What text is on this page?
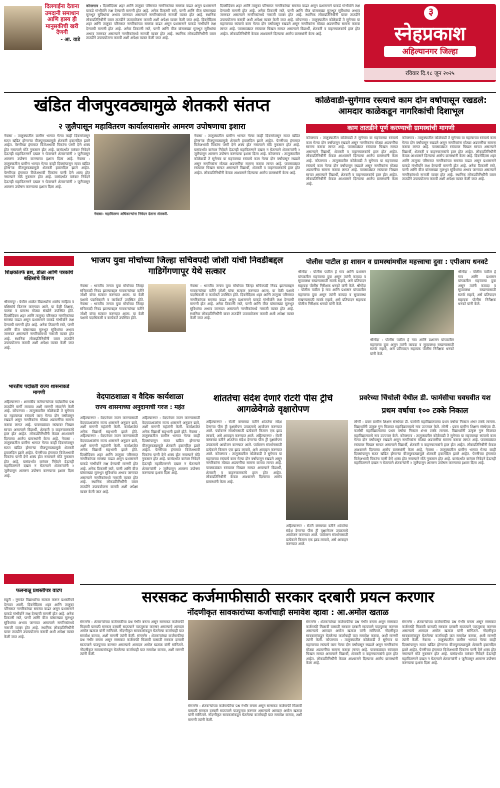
दिलगाईना देताना उमदानी समाधान आणि हास्य ही मानुसकीची खरी देणगी
- आ. वाडे
कोपरगाव : दिवसेंदिवस शहर आणि तालुका परिसरात नागरिकांच्या समस्या वाढत असून प्रशासनाने याकडे गांभीर्याने लक्ष देण्याची मागणी होत आहे. अनेक ठिकाणी रस्ते, पाणी आणि वीज यांसारख्या मूलभूत सुविधांचा अभाव जाणवत असल्याने नागरिकांमध्ये नाराजी व्यक्त होत आहे. स्थानिक लोकप्रतिनिधींनी यावर तातडीने उपाययोजना करावी अशी अपेक्षा व्यक्त केली जात आहे. दिवसेंदिवस शहर आणि तालुका परिसरात नागरिकांच्या समस्या वाढत असून प्रशासनाने याकडे गांभीर्याने लक्ष देण्याची मागणी होत आहे. अनेक ठिकाणी रस्ते, पाणी आणि वीज यांसारख्या मूलभूत सुविधांचा अभाव जाणवत असल्याने नागरिकांमध्ये नाराजी व्यक्त होत आहे. स्थानिक लोकप्रतिनिधींनी यावर तातडीने उपाययोजना करावी अशी अपेक्षा व्यक्त केली जात आहे.
दिवसेंदिवस शहर आणि तालुका परिसरात नागरिकांच्या समस्या वाढत असून प्रशासनाने याकडे गांभीर्याने लक्ष देण्याची मागणी होत आहे. अनेक ठिकाणी रस्ते, पाणी आणि वीज यांसारख्या मूलभूत सुविधांचा अभाव जाणवत असल्याने नागरिकांमध्ये नाराजी व्यक्त होत आहे. स्थानिक लोकप्रतिनिधींनी यावर तातडीने उपाययोजना करावी अशी अपेक्षा व्यक्त केली जात आहे. कोपरगाव : तालुक्यातील कोळेवाडी ते सुगेगाव या महत्त्वाच्या रस्त्याचे काम गेल्या दोन वर्षांपासून रखडले असून नागरिकांना मोठ्या अडचणींचा सामना करावा लागत आहे. पावसाळ्यात रस्त्यावर चिखल साचत असल्याने विद्यार्थी, शेतकरी व वाहनचालकांचे हाल होत आहेत. लोकप्रतिनिधींनी केवळ आश्वासने दिल्याचा आरोप ग्रामस्थांनी केला आहे.
३
स्नेहप्रकाश
अहिल्यानगर जिल्हा
रविवार दि.१८ जून २०२५
खंडित वीजपुरवठ्यामुळे शेतकरी संतप्त
२ जुलैपासून महावितरण कार्यालयासमोर आमरण उपोषणाचा इशारा
नेवासा : तालुक्यातील ग्रामीण भागात गेल्या काही दिवसांपासून सतत खंडित होणाऱ्या वीजपुरवठ्यामुळे शेतकरी हवालदिल झाले आहेत. पेरणीच्या हंगामात विजेअभावी पिकांना पाणी देणे शक्य होत नसल्याने मोठे नुकसान होत आहे. यासंदर्भात वारंवार निवेदने देऊनही महावितरणने दखल न घेतल्याने शेतकऱ्यांनी २ जुलैपासून आमरण उपोषण करण्याचा इशारा दिला आहे. नेवासा : तालुक्यातील ग्रामीण भागात गेल्या काही दिवसांपासून सतत खंडित होणाऱ्या वीजपुरवठ्यामुळे शेतकरी हवालदिल झाले आहेत. पेरणीच्या हंगामात विजेअभावी पिकांना पाणी देणे शक्य होत नसल्याने मोठे नुकसान होत आहे. यासंदर्भात वारंवार निवेदने देऊनही महावितरणने दखल न घेतल्याने शेतकऱ्यांनी २ जुलैपासून आमरण उपोषण करण्याचा इशारा दिला आहे.
नेवासा: महावितरण अधिकाऱ्यांना निवेदन देताना शेतकरी.
नेवासा : तालुक्यातील ग्रामीण भागात गेल्या काही दिवसांपासून सतत खंडित होणाऱ्या वीजपुरवठ्यामुळे शेतकरी हवालदिल झाले आहेत. पेरणीच्या हंगामात विजेअभावी पिकांना पाणी देणे शक्य होत नसल्याने मोठे नुकसान होत आहे. यासंदर्भात वारंवार निवेदने देऊनही महावितरणने दखल न घेतल्याने शेतकऱ्यांनी २ जुलैपासून आमरण उपोषण करण्याचा इशारा दिला आहे. कोपरगाव : तालुक्यातील कोळेवाडी ते सुगेगाव या महत्त्वाच्या रस्त्याचे काम गेल्या दोन वर्षांपासून रखडले असून नागरिकांना मोठ्या अडचणींचा सामना करावा लागत आहे. पावसाळ्यात रस्त्यावर चिखल साचत असल्याने विद्यार्थी, शेतकरी व वाहनचालकांचे हाल होत आहेत. लोकप्रतिनिधींनी केवळ आश्वासने दिल्याचा आरोप ग्रामस्थांनी केला आहे.
कोळेवाडी-सुगेगाव रस्त्याचे काम दोन वर्षापासून रखडले: आमदार काळेकडून नागरिकांची दिशाभूल
काम तातडीने पूर्ण करण्याची ग्रामस्थांची मागणी
कोपरगाव : तालुक्यातील कोळेवाडी ते सुगेगाव या महत्त्वाच्या रस्त्याचे काम गेल्या दोन वर्षांपासून रखडले असून नागरिकांना मोठ्या अडचणींचा सामना करावा लागत आहे. पावसाळ्यात रस्त्यावर चिखल साचत असल्याने विद्यार्थी, शेतकरी व वाहनचालकांचे हाल होत आहेत. लोकप्रतिनिधींनी केवळ आश्वासने दिल्याचा आरोप ग्रामस्थांनी केला आहे. कोपरगाव : तालुक्यातील कोळेवाडी ते सुगेगाव या महत्त्वाच्या रस्त्याचे काम गेल्या दोन वर्षांपासून रखडले असून नागरिकांना मोठ्या अडचणींचा सामना करावा लागत आहे. पावसाळ्यात रस्त्यावर चिखल साचत असल्याने विद्यार्थी, शेतकरी व वाहनचालकांचे हाल होत आहेत. लोकप्रतिनिधींनी केवळ आश्वासने दिल्याचा आरोप ग्रामस्थांनी केला आहे.
कोपरगाव : तालुक्यातील कोळेवाडी ते सुगेगाव या महत्त्वाच्या रस्त्याचे काम गेल्या दोन वर्षांपासून रखडले असून नागरिकांना मोठ्या अडचणींचा सामना करावा लागत आहे. पावसाळ्यात रस्त्यावर चिखल साचत असल्याने विद्यार्थी, शेतकरी व वाहनचालकांचे हाल होत आहेत. लोकप्रतिनिधींनी केवळ आश्वासने दिल्याचा आरोप ग्रामस्थांनी केला आहे. दिवसेंदिवस शहर आणि तालुका परिसरात नागरिकांच्या समस्या वाढत असून प्रशासनाने याकडे गांभीर्याने लक्ष देण्याची मागणी होत आहे. अनेक ठिकाणी रस्ते, पाणी आणि वीज यांसारख्या मूलभूत सुविधांचा अभाव जाणवत असल्याने नागरिकांमध्ये नाराजी व्यक्त होत आहे. स्थानिक लोकप्रतिनिधींनी यावर तातडीने उपाययोजना करावी अशी अपेक्षा व्यक्त केली जात आहे.
शिक्षकांतर्फे ब्रश, डोळा आणि पत्रकांचे बक्षिसांचे वितरण
श्रीरामपूर : येथील शाळेत विद्यार्थ्यांना शालेय साहित्य व बक्षिसांचे वितरण करण्यात आले. या वेळी शिक्षक, पालक व ग्रामस्थ मोठ्या संख्येने उपस्थित होते. दिवसेंदिवस शहर आणि तालुका परिसरात नागरिकांच्या समस्या वाढत असून प्रशासनाने याकडे गांभीर्याने लक्ष देण्याची मागणी होत आहे. अनेक ठिकाणी रस्ते, पाणी आणि वीज यांसारख्या मूलभूत सुविधांचा अभाव जाणवत असल्याने नागरिकांमध्ये नाराजी व्यक्त होत आहे. स्थानिक लोकप्रतिनिधींनी यावर तातडीने उपाययोजना करावी अशी अपेक्षा व्यक्त केली जात आहे.
भारतीय पदोन्नती राज्य शासनाकडे मागणी
अहिल्यानगर : शासकीय कर्मचाऱ्यांच्या पदोन्नतीचा प्रश्न तातडीने मार्गी लावावा अशी मागणी संघटनेने केली आहे. कोपरगाव : तालुक्यातील कोळेवाडी ते सुगेगाव या महत्त्वाच्या रस्त्याचे काम गेल्या दोन वर्षांपासून रखडले असून नागरिकांना मोठ्या अडचणींचा सामना करावा लागत आहे. पावसाळ्यात रस्त्यावर चिखल साचत असल्याने विद्यार्थी, शेतकरी व वाहनचालकांचे हाल होत आहेत. लोकप्रतिनिधींनी केवळ आश्वासने दिल्याचा आरोप ग्रामस्थांनी केला आहे. नेवासा : तालुक्यातील ग्रामीण भागात गेल्या काही दिवसांपासून सतत खंडित होणाऱ्या वीजपुरवठ्यामुळे शेतकरी हवालदिल झाले आहेत. पेरणीच्या हंगामात विजेअभावी पिकांना पाणी देणे शक्य होत नसल्याने मोठे नुकसान होत आहे. यासंदर्भात वारंवार निवेदने देऊनही महावितरणने दखल न घेतल्याने शेतकऱ्यांनी २ जुलैपासून आमरण उपोषण करण्याचा इशारा दिला आहे.
फलनाळू प्रशस्तीपत्र वाटप
राहुरी : गुणवंत विद्यार्थ्यांचा सत्कार करून प्रशस्तीपत्रे देण्यात आली. दिवसेंदिवस शहर आणि तालुका परिसरात नागरिकांच्या समस्या वाढत असून प्रशासनाने याकडे गांभीर्याने लक्ष देण्याची मागणी होत आहे. अनेक ठिकाणी रस्ते, पाणी आणि वीज यांसारख्या मूलभूत सुविधांचा अभाव जाणवत असल्याने नागरिकांमध्ये नाराजी व्यक्त होत आहे. स्थानिक लोकप्रतिनिधींनी यावर तातडीने उपाययोजना करावी अशी अपेक्षा व्यक्त केली जात आहे.
भाजप युवा मोर्चाच्या जिल्हा सचिवपदी जोशी यांची निवडीबद्दल गाडिगेंगणापूर येथे सत्कार
नेवासा : भारतीय जनता युवा मोर्चाच्या जिल्हा सचिवपदी निवड झाल्याबद्दल गावकऱ्यांच्या वतीने जोशी यांचा सत्कार करण्यात आला. या वेळी पक्षाचे पदाधिकारी व कार्यकर्ते उपस्थित होते. नेवासा : भारतीय जनता युवा मोर्चाच्या जिल्हा सचिवपदी निवड झाल्याबद्दल गावकऱ्यांच्या वतीने जोशी यांचा सत्कार करण्यात आला. या वेळी पक्षाचे पदाधिकारी व कार्यकर्ते उपस्थित होते.
नेवासा : भारतीय जनता युवा मोर्चाच्या जिल्हा सचिवपदी निवड झाल्याबद्दल गावकऱ्यांच्या वतीने जोशी यांचा सत्कार करण्यात आला. या वेळी पक्षाचे पदाधिकारी व कार्यकर्ते उपस्थित होते. दिवसेंदिवस शहर आणि तालुका परिसरात नागरिकांच्या समस्या वाढत असून प्रशासनाने याकडे गांभीर्याने लक्ष देण्याची मागणी होत आहे. अनेक ठिकाणी रस्ते, पाणी आणि वीज यांसारख्या मूलभूत सुविधांचा अभाव जाणवत असल्याने नागरिकांमध्ये नाराजी व्यक्त होत आहे. स्थानिक लोकप्रतिनिधींनी यावर तातडीने उपाययोजना करावी अशी अपेक्षा व्यक्त केली जात आहे.
पोलीस पाटील हा शासन व ग्रामस्थांमधील महत्त्वाचा दुवा : एपीआय धनवटे
श्रीगोंदा : पोलीस पाटील हे गाव आणि प्रशासन यांच्यातील महत्त्वाचा दुवा असून त्यांनी कायदा व सुव्यवस्था राखण्यासाठी सतर्क राहावे, असे प्रतिपादन सहायक पोलीस निरीक्षक धनवटे यांनी केले. श्रीगोंदा : पोलीस पाटील हे गाव आणि प्रशासन यांच्यातील महत्त्वाचा दुवा असून त्यांनी कायदा व सुव्यवस्था राखण्यासाठी सतर्क राहावे, असे प्रतिपादन सहायक पोलीस निरीक्षक धनवटे यांनी केले.
श्रीगोंदा : पोलीस पाटील हे गाव आणि प्रशासन यांच्यातील महत्त्वाचा दुवा असून त्यांनी कायदा व सुव्यवस्था राखण्यासाठी सतर्क राहावे, असे प्रतिपादन सहायक पोलीस निरीक्षक धनवटे यांनी केले.
श्रीगोंदा : पोलीस पाटील हे गाव आणि प्रशासन यांच्यातील महत्त्वाचा दुवा असून त्यांनी कायदा व सुव्यवस्था राखण्यासाठी सतर्क राहावे, असे प्रतिपादन सहायक पोलीस निरीक्षक धनवटे यांनी केले.
वेदपाठशाळा व वैदिक कार्यशाळा
राज्य शासनाच्या अनुदानाची गरज : महंत
अहिल्यानगर : वेदपरंपरा जतन करण्यासाठी वेदपाठशाळांना राज्य शासनाने अनुदान द्यावे, अशी मागणी महंतांनी केली. कार्यशाळेत अनेक विद्यार्थी सहभागी झाले होते. अहिल्यानगर : वेदपरंपरा जतन करण्यासाठी वेदपाठशाळांना राज्य शासनाने अनुदान द्यावे, अशी मागणी महंतांनी केली. कार्यशाळेत अनेक विद्यार्थी सहभागी झाले होते. दिवसेंदिवस शहर आणि तालुका परिसरात नागरिकांच्या समस्या वाढत असून प्रशासनाने याकडे गांभीर्याने लक्ष देण्याची मागणी होत आहे. अनेक ठिकाणी रस्ते, पाणी आणि वीज यांसारख्या मूलभूत सुविधांचा अभाव जाणवत असल्याने नागरिकांमध्ये नाराजी व्यक्त होत आहे. स्थानिक लोकप्रतिनिधींनी यावर तातडीने उपाययोजना करावी अशी अपेक्षा व्यक्त केली जात आहे.
अहिल्यानगर : वेदपरंपरा जतन करण्यासाठी वेदपाठशाळांना राज्य शासनाने अनुदान द्यावे, अशी मागणी महंतांनी केली. कार्यशाळेत अनेक विद्यार्थी सहभागी झाले होते. नेवासा : तालुक्यातील ग्रामीण भागात गेल्या काही दिवसांपासून सतत खंडित होणाऱ्या वीजपुरवठ्यामुळे शेतकरी हवालदिल झाले आहेत. पेरणीच्या हंगामात विजेअभावी पिकांना पाणी देणे शक्य होत नसल्याने मोठे नुकसान होत आहे. यासंदर्भात वारंवार निवेदने देऊनही महावितरणने दखल न घेतल्याने शेतकऱ्यांनी २ जुलैपासून आमरण उपोषण करण्याचा इशारा दिला आहे.
शांततेचा संदेश देणारे रोटरी पीस ट्रीचे आगळेवेगळे वृक्षारोपण
अहिल्यानगर : रोटरी क्लबच्या वतीने शांततेचा संदेश देणाऱ्या पीस ट्री वृक्षारोपण उपक्रमाचे आयोजन करण्यात आले. पर्यावरण संवर्धनासाठी प्रत्येकाने किमान एक झाड लावावे, असे आवाहन करण्यात आले. अहिल्यानगर : रोटरी क्लबच्या वतीने शांततेचा संदेश देणाऱ्या पीस ट्री वृक्षारोपण उपक्रमाचे आयोजन करण्यात आले. पर्यावरण संवर्धनासाठी प्रत्येकाने किमान एक झाड लावावे, असे आवाहन करण्यात आले. कोपरगाव : तालुक्यातील कोळेवाडी ते सुगेगाव या महत्त्वाच्या रस्त्याचे काम गेल्या दोन वर्षांपासून रखडले असून नागरिकांना मोठ्या अडचणींचा सामना करावा लागत आहे. पावसाळ्यात रस्त्यावर चिखल साचत असल्याने विद्यार्थी, शेतकरी व वाहनचालकांचे हाल होत आहेत. लोकप्रतिनिधींनी केवळ आश्वासने दिल्याचा आरोप ग्रामस्थांनी केला आहे.
अहिल्यानगर : रोटरी क्लबच्या वतीने शांततेचा संदेश देणाऱ्या पीस ट्री वृक्षारोपण उपक्रमाचे आयोजन करण्यात आले. पर्यावरण संवर्धनासाठी प्रत्येकाने किमान एक झाड लावावे, असे आवाहन करण्यात आले.
प्रवरेच्या चिंचोली येथील डी. फार्मसीचा घवघवीत यश
प्रथम वर्षाचा १०० टक्के निकाल
लोणी : प्रवरा ग्रामीण शिक्षण संस्थेच्या डी. फार्मसी महाविद्यालयाचा प्रथम वर्षाचा निकाल शंभर टक्के लागला. विद्यार्थ्यांनी उत्कृष्ट गुण मिळवत महाविद्यालयाचे नाव उज्ज्वल केले. लोणी : प्रवरा ग्रामीण शिक्षण संस्थेच्या डी. फार्मसी महाविद्यालयाचा प्रथम वर्षाचा निकाल शंभर टक्के लागला. विद्यार्थ्यांनी उत्कृष्ट गुण मिळवत महाविद्यालयाचे नाव उज्ज्वल केले. कोपरगाव : तालुक्यातील कोळेवाडी ते सुगेगाव या महत्त्वाच्या रस्त्याचे काम गेल्या दोन वर्षांपासून रखडले असून नागरिकांना मोठ्या अडचणींचा सामना करावा लागत आहे. पावसाळ्यात रस्त्यावर चिखल साचत असल्याने विद्यार्थी, शेतकरी व वाहनचालकांचे हाल होत आहेत. लोकप्रतिनिधींनी केवळ आश्वासने दिल्याचा आरोप ग्रामस्थांनी केला आहे. नेवासा : तालुक्यातील ग्रामीण भागात गेल्या काही दिवसांपासून सतत खंडित होणाऱ्या वीजपुरवठ्यामुळे शेतकरी हवालदिल झाले आहेत. पेरणीच्या हंगामात विजेअभावी पिकांना पाणी देणे शक्य होत नसल्याने मोठे नुकसान होत आहे. यासंदर्भात वारंवार निवेदने देऊनही महावितरणने दखल न घेतल्याने शेतकऱ्यांनी २ जुलैपासून आमरण उपोषण करण्याचा इशारा दिला आहे.
सरसकट कर्जमाफीसाठी सरकार दरबारी प्रयत्न करणार
नोंदणीकृत सावकारांच्या कर्जाचाही समावेश व्हावा : आ.अमोल खताळ
संगमनेर : शेतकऱ्यांच्या कर्जमाफीचा प्रश्न गंभीर बनला असून सरसकट कर्जमाफी मिळावी यासाठी सरकार दरबारी सातत्याने पाठपुरावा करणार असल्याचे आमदार अमोल खताळ यांनी सांगितले. नोंदणीकृत सावकारांकडून घेतलेल्या कर्जाचाही यात समावेश करावा, अशी मागणी त्यांनी केली. संगमनेर : शेतकऱ्यांच्या कर्जमाफीचा प्रश्न गंभीर बनला असून सरसकट कर्जमाफी मिळावी यासाठी सरकार दरबारी सातत्याने पाठपुरावा करणार असल्याचे आमदार अमोल खताळ यांनी सांगितले. नोंदणीकृत सावकारांकडून घेतलेल्या कर्जाचाही यात समावेश करावा, अशी मागणी त्यांनी केली.
संगमनेर : शेतकऱ्यांच्या कर्जमाफीचा प्रश्न गंभीर बनला असून सरसकट कर्जमाफी मिळावी यासाठी सरकार दरबारी सातत्याने पाठपुरावा करणार असल्याचे आमदार अमोल खताळ यांनी सांगितले. नोंदणीकृत सावकारांकडून घेतलेल्या कर्जाचाही यात समावेश करावा, अशी मागणी त्यांनी केली.
संगमनेर : शेतकऱ्यांच्या कर्जमाफीचा प्रश्न गंभीर बनला असून सरसकट कर्जमाफी मिळावी यासाठी सरकार दरबारी सातत्याने पाठपुरावा करणार असल्याचे आमदार अमोल खताळ यांनी सांगितले. नोंदणीकृत सावकारांकडून घेतलेल्या कर्जाचाही यात समावेश करावा, अशी मागणी त्यांनी केली. कोपरगाव : तालुक्यातील कोळेवाडी ते सुगेगाव या महत्त्वाच्या रस्त्याचे काम गेल्या दोन वर्षांपासून रखडले असून नागरिकांना मोठ्या अडचणींचा सामना करावा लागत आहे. पावसाळ्यात रस्त्यावर चिखल साचत असल्याने विद्यार्थी, शेतकरी व वाहनचालकांचे हाल होत आहेत. लोकप्रतिनिधींनी केवळ आश्वासने दिल्याचा आरोप ग्रामस्थांनी केला आहे.
संगमनेर : शेतकऱ्यांच्या कर्जमाफीचा प्रश्न गंभीर बनला असून सरसकट कर्जमाफी मिळावी यासाठी सरकार दरबारी सातत्याने पाठपुरावा करणार असल्याचे आमदार अमोल खताळ यांनी सांगितले. नोंदणीकृत सावकारांकडून घेतलेल्या कर्जाचाही यात समावेश करावा, अशी मागणी त्यांनी केली. नेवासा : तालुक्यातील ग्रामीण भागात गेल्या काही दिवसांपासून सतत खंडित होणाऱ्या वीजपुरवठ्यामुळे शेतकरी हवालदिल झाले आहेत. पेरणीच्या हंगामात विजेअभावी पिकांना पाणी देणे शक्य होत नसल्याने मोठे नुकसान होत आहे. यासंदर्भात वारंवार निवेदने देऊनही महावितरणने दखल न घेतल्याने शेतकऱ्यांनी २ जुलैपासून आमरण उपोषण करण्याचा इशारा दिला आहे.
